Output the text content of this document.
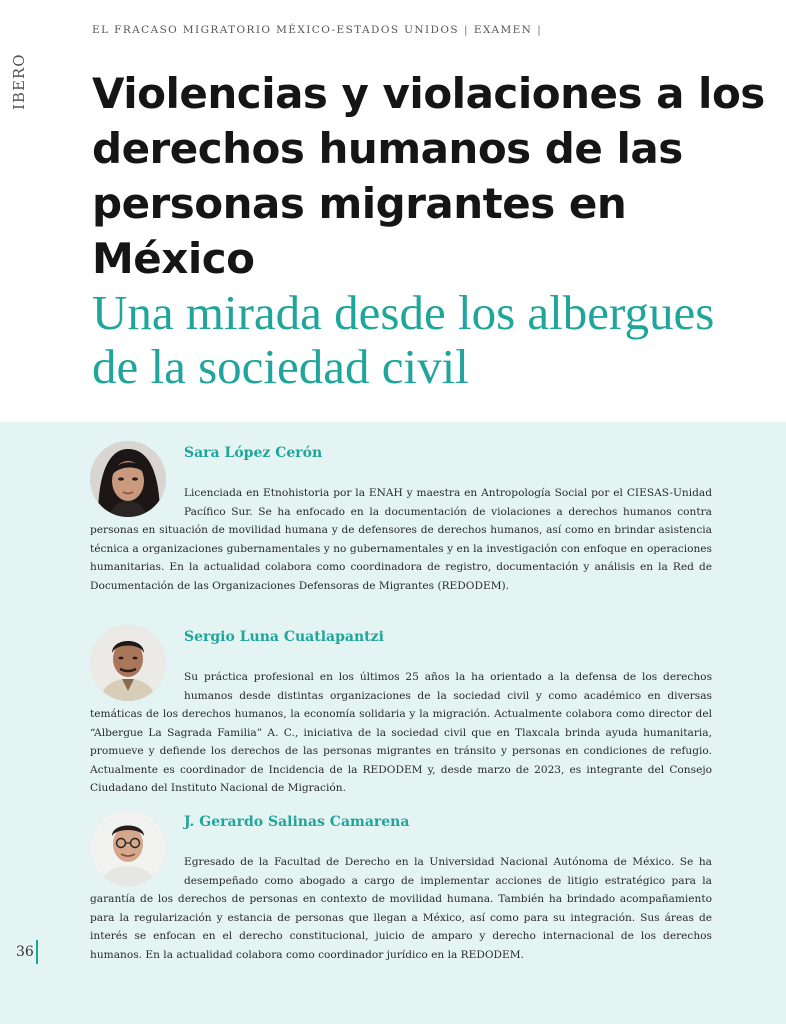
EL FRACASO MIGRATORIO MÉXICO-ESTADOS UNIDOS | EXAMEN |
IBERO Violencias y violaciones a los derechos humanos de las personas migrantes en México
Una mirada desde los albergues de la sociedad civil

Sara López Cerón

Licenciada en Etnohistoria por la ENAH y maestra en Antropología Social por el CIESAS-Unidad Pacífico Sur. Se ha enfocado en la documentación de violaciones a derechos humanos contra personas en situación de movilidad humana y de defensores de derechos humanos, así como en brindar asistencia técnica a organizaciones gubernamentales y no gubernamentales y en la investigación con enfoque en operaciones humanitarias. En la actualidad colabora como coordinadora de registro, documentación y análisis en la Red de Documentación de las Organizaciones Defensoras de Migrantes (REDODEM).

Sergio Luna Cuatlapantzi

Su práctica profesional en los últimos 25 años la ha orientado a la defensa de los derechos humanos desde distintas organizaciones de la sociedad civil y como académico en diversas temáticas de los derechos humanos, la economía solidaria y la migración. Actualmente colabora como director del “Albergue La Sagrada Familia” A. C., iniciativa de la sociedad civil que en Tlaxcala brinda ayuda humanitaria, promueve y defiende los derechos de las personas migrantes en tránsito y personas en condiciones de refugio. Actualmente es coordinador de Incidencia de la REDODEM y, desde marzo de 2023, es integrante del Consejo Ciudadano del Instituto Nacional de Migración.

J. Gerardo Salinas Camarena

Egresado de la Facultad de Derecho en la Universidad Nacional Autónoma de México. Se ha desempeñado como abogado a cargo de implementar acciones de litigio estratégico para la garantía de los derechos de personas en contexto de movilidad humana. También ha brindado acompañamiento para la regularización y estancia de personas que llegan a México, así como para su integración. Sus áreas de interés se enfocan en el derecho constitucional, juicio de amparo y derecho internacional de los derechos humanos. En la actualidad colabora como coordinador jurídico en la REDODEM.

36
